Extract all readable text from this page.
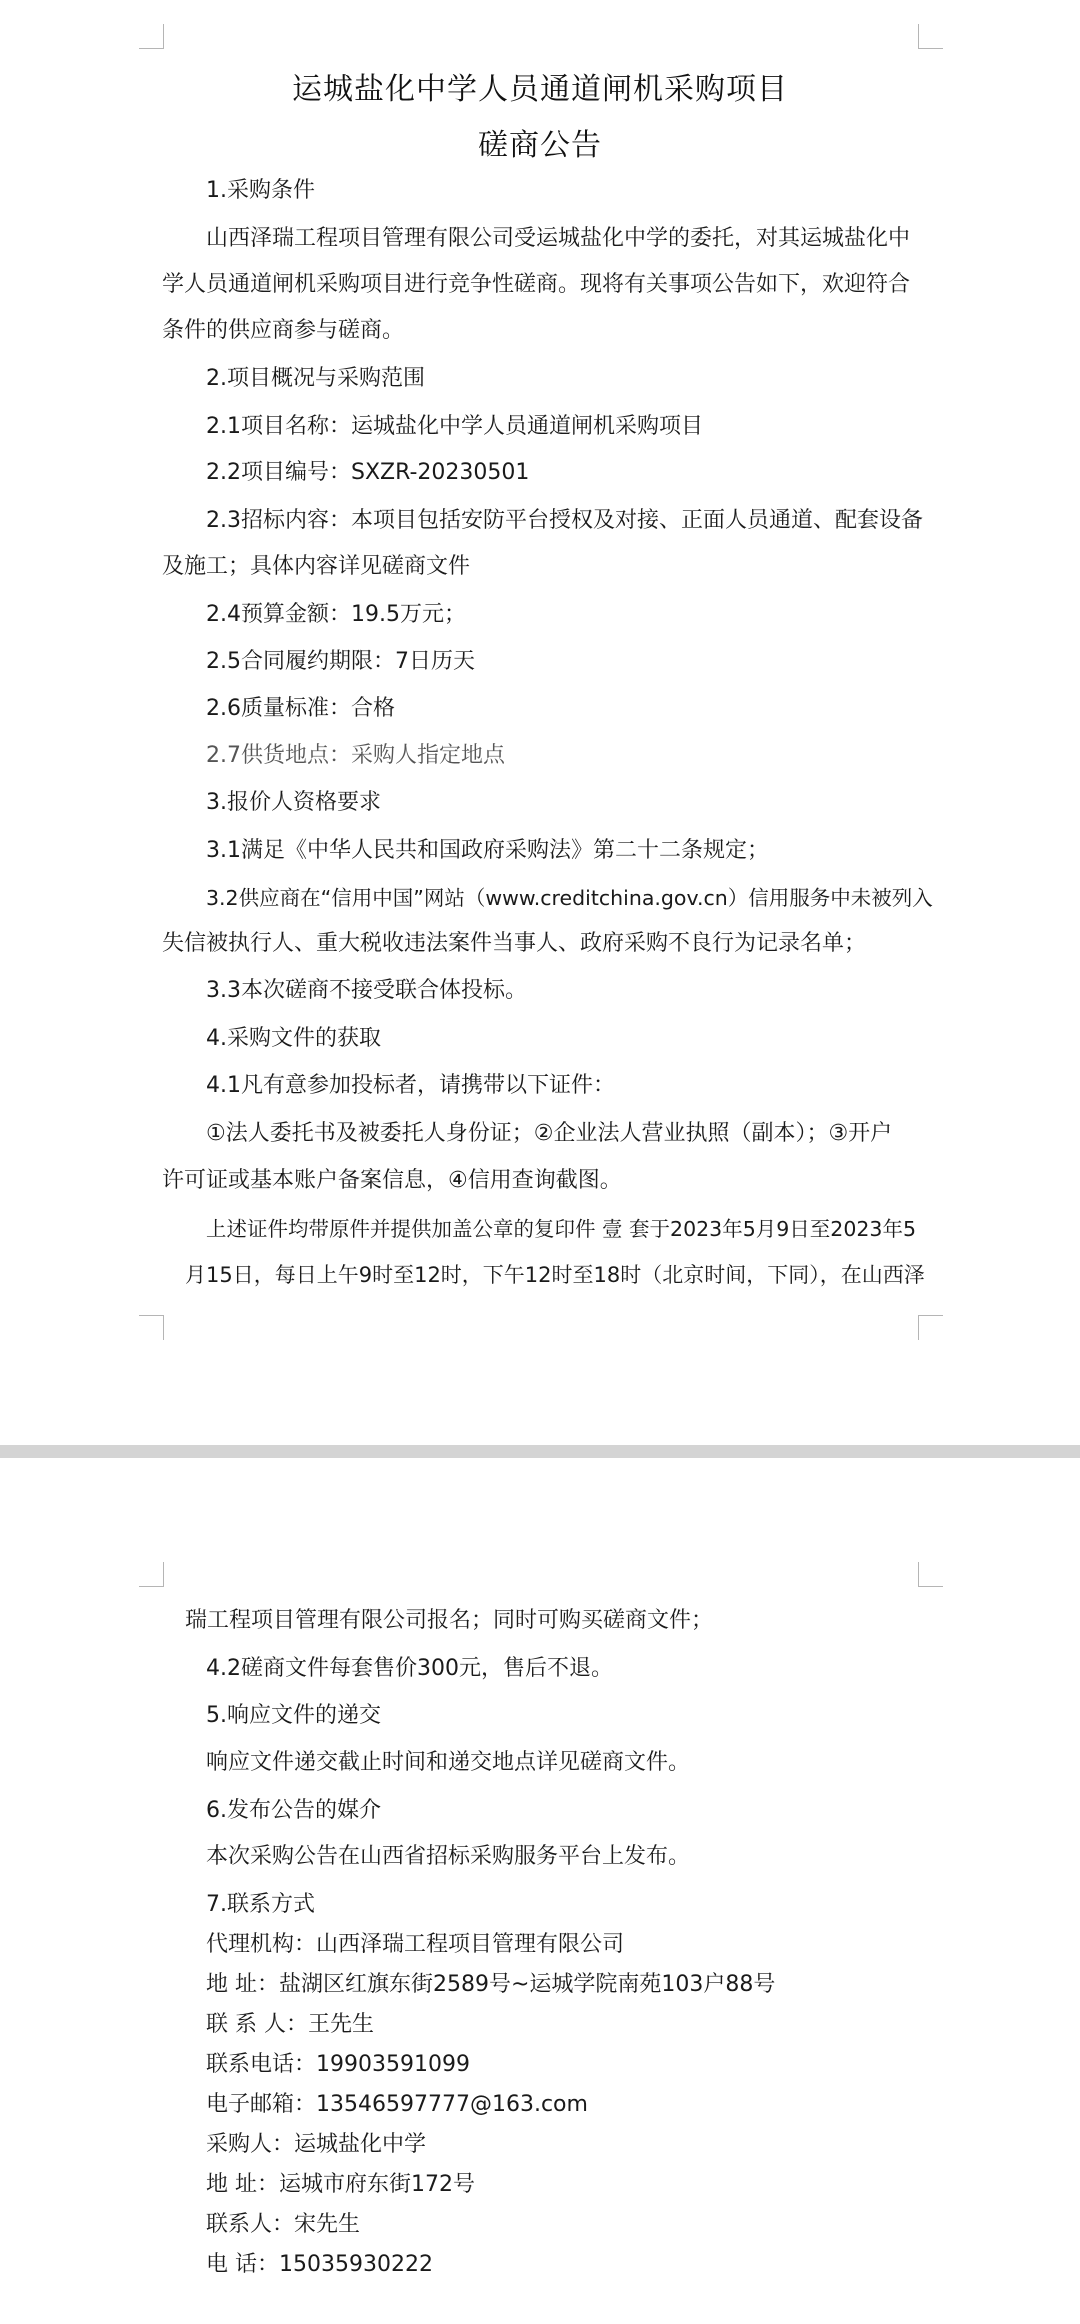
运城盐化中学人员通道闸机采购项目
磋商公告
1.采购条件
山西泽瑞工程项目管理有限公司受运城盐化中学的委托，对其运城盐化中
学人员通道闸机采购项目进行竞争性磋商。现将有关事项公告如下，欢迎符合
条件的供应商参与磋商。
2.项目概况与采购范围
2.1项目名称：运城盐化中学人员通道闸机采购项目
2.2项目编号：SXZR-20230501
2.3招标内容：本项目包括安防平台授权及对接、正面人员通道、配套设备
及施工；具体内容详见磋商文件
2.4预算金额：19.5万元；
2.5合同履约期限：7日历天
2.6质量标准：合格
2.7供货地点：采购人指定地点
3.报价人资格要求
3.1满足《中华人民共和国政府采购法》第二十二条规定；
3.2供应商在“信用中国”网站（www.creditchina.gov.cn）信用服务中未被列入
失信被执行人、重大税收违法案件当事人、政府采购不良行为记录名单；
3.3本次磋商不接受联合体投标。
4.采购文件的获取
4.1凡有意参加投标者，请携带以下证件：
①法人委托书及被委托人身份证；②企业法人营业执照（副本）；③开户
许可证或基本账户备案信息，④信用查询截图。
上述证件均带原件并提供加盖公章的复印件 壹 套于2023年5月9日至2023年5
月15日，每日上午9时至12时，下午12时至18时（北京时间，下同），在山西泽
瑞工程项目管理有限公司报名；同时可购买磋商文件；
4.2磋商文件每套售价300元，售后不退。
5.响应文件的递交
响应文件递交截止时间和递交地点详见磋商文件。
6.发布公告的媒介
本次采购公告在山西省招标采购服务平台上发布。
7.联系方式
代理机构：山西泽瑞工程项目管理有限公司
地 址：盐湖区红旗东街2589号~运城学院南苑103户88号
联 系 人：王先生
联系电话：19903591099
电子邮箱：13546597777@163.com
采购人：运城盐化中学
地 址：运城市府东街172号
联系人：宋先生
电 话：15035930222
